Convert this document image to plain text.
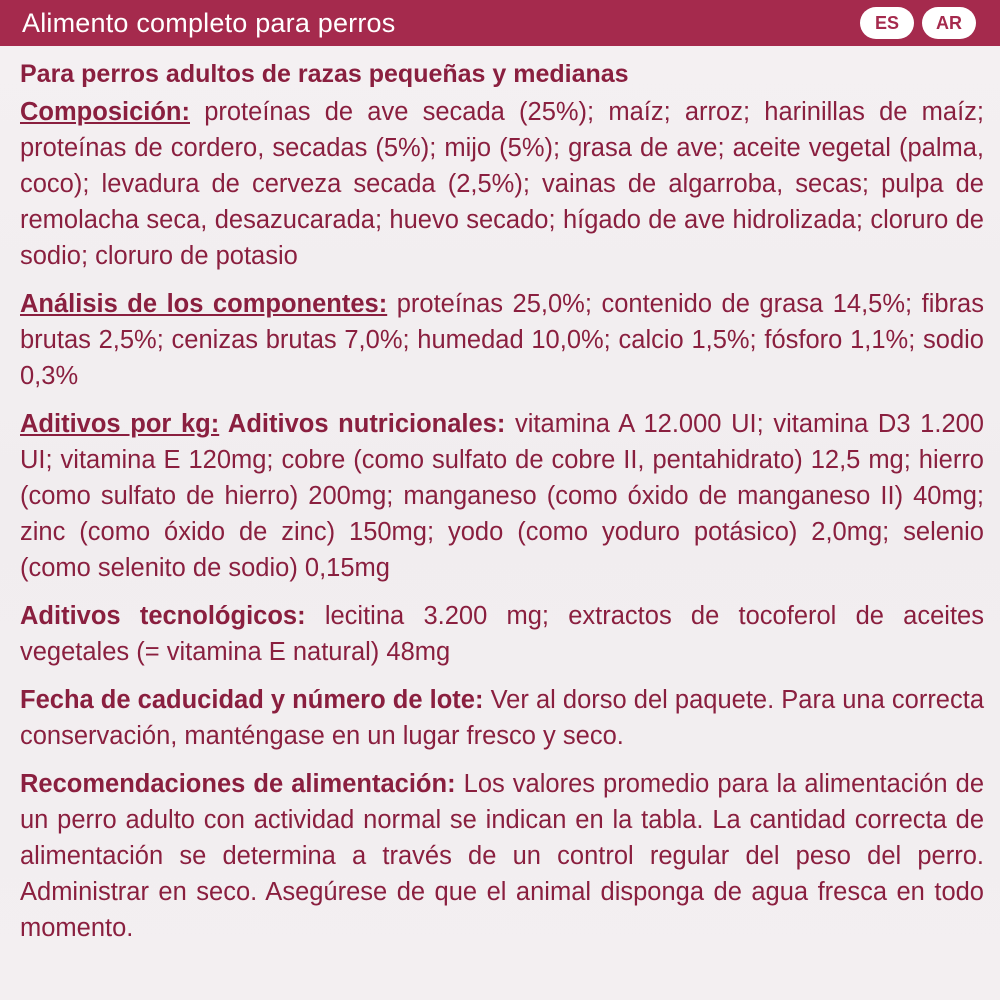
Alimento completo para perros	ES	AR

Para perros adultos de razas pequeñas y medianas

Composición: proteínas de ave secada (25%); maíz; arroz; harinillas de maíz; proteínas de cordero, secadas (5%); mijo (5%); grasa de ave; aceite vegetal (palma, coco); levadura de cerveza secada (2,5%); vainas de algarroba, secas; pulpa de remolacha seca, desazucarada; huevo secado; hígado de ave hidrolizada; cloruro de sodio; cloruro de potasio

Análisis de los componentes: proteínas 25,0%; contenido de grasa 14,5%; fibras brutas 2,5%; cenizas brutas 7,0%; humedad 10,0%; calcio 1,5%; fósforo 1,1%; sodio 0,3%

Aditivos por kg: Aditivos nutricionales: vitamina A 12.000 UI; vitamina D3 1.200 UI; vitamina E 120mg; cobre (como sulfato de cobre II, pentahidrato) 12,5 mg; hierro (como sulfato de hierro) 200mg; manganeso (como óxido de manganeso II) 40mg; zinc (como óxido de zinc) 150mg; yodo (como yoduro potásico) 2,0mg; selenio (como selenito de sodio) 0,15mg

Aditivos tecnológicos: lecitina 3.200 mg; extractos de tocoferol de aceites vegetales (= vitamina E natural) 48mg

Fecha de caducidad y número de lote: Ver al dorso del paquete. Para una correcta conservación, manténgase en un lugar fresco y seco.

Recomendaciones de alimentación: Los valores promedio para la alimentación de un perro adulto con actividad normal se indican en la tabla. La cantidad correcta de alimentación se determina a través de un control regular del peso del perro. Administrar en seco. Asegúrese de que el animal disponga de agua fresca en todo momento.
